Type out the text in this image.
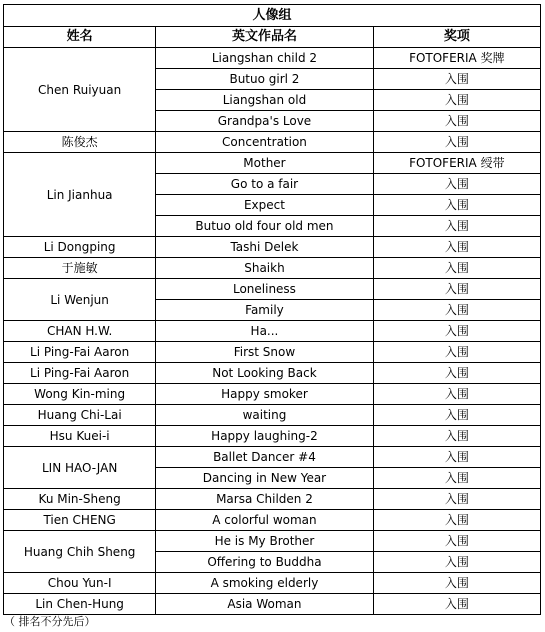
人像组		
姓名	英文作品名	奖项
Chen Ruiyuan	Liangshan child 2	FOTOFERIA 奖牌
	Butuo girl 2	入围
	Liangshan old	入围
	Grandpa's Love	入围
陈俊杰	Concentration	入围
Lin Jianhua	Mother	FOTOFERIA 绶带
	Go to a fair	入围
	Expect	入围
	Butuo old four old men	入围
Li Dongping	Tashi Delek	入围
于施敏	Shaikh	入围
Li Wenjun	Loneliness	入围
	Family	入围
CHAN H.W.	Ha...	入围
Li Ping-Fai Aaron	First Snow	入围
Li Ping-Fai Aaron	Not Looking Back	入围
Wong Kin-ming	Happy smoker	入围
Huang Chi-Lai	waiting	入围
Hsu Kuei-i	Happy laughing-2	入围
LIN HAO-JAN	Ballet Dancer #4	入围
	Dancing in New Year	入围
Ku Min-Sheng	Marsa Childen 2	入围
Tien CHENG	A colorful woman	入围
Huang Chih Sheng	He is My Brother	入围
	Offering to Buddha	入围
Chou Yun-I	A smoking elderly	入围
Lin Chen-Hung	Asia Woman	入围
（ 排名不分先后）
